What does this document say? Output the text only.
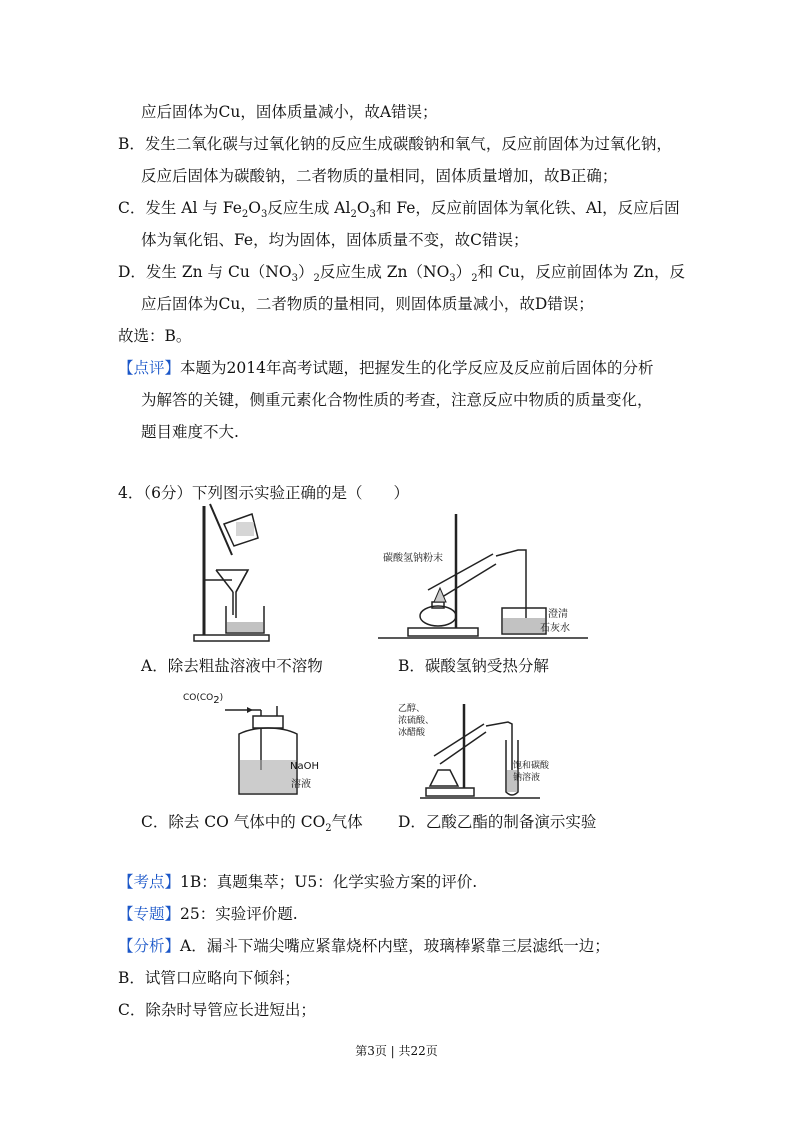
应后固体为Cu，固体质量减小，故A错误；
B．发生二氧化碳与过氧化钠的反应生成碳酸钠和氧气，反应前固体为过氧化钠，
反应后固体为碳酸钠，二者物质的量相同，固体质量增加，故B正确；
C．发生 Al 与 $Fe_2O_3$反应生成 $Al_2O_3$和 Fe，反应前固体为氧化铁、Al，反应后固
体为氧化铝、Fe，均为固体，固体质量不变，故C错误；
D．发生 Zn 与 $Cu(NO_3)_2$反应生成 $Zn(NO_3)_2$和 Cu，反应前固体为 Zn，反
应后固体为Cu，二者物质的量相同，则固体质量减小，故D错误；
故选：B。
【点评】本题为2014年高考试题，把握发生的化学反应及反应前后固体的分析
为解答的关键，侧重元素化合物性质的考查，注意反应中物质的质量变化，
题目难度不大.
4．（6分）下列图示实验正确的是（　　）
碳酸氢钠粉末
澄清
石灰水
A．除去粗盐溶液中不溶物	B．碳酸氢钠受热分解
$CO(CO_2)$
NaOH
溶液
乙醇、
浓硫酸、
冰醋酸
饱和碳酸
钠溶液
C．除去 CO 气体中的 $CO_2$气体 D．乙酸乙酯的制备演示实验
【考点】1B：真题集萃；U5：化学实验方案的评价.
【专题】25：实验评价题.
【分析】A．漏斗下端尖嘴应紧靠烧杯内壁，玻璃棒紧靠三层滤纸一边；
B．试管口应略向下倾斜；
C．除杂时导管应长进短出；
第3页 | 共22页
